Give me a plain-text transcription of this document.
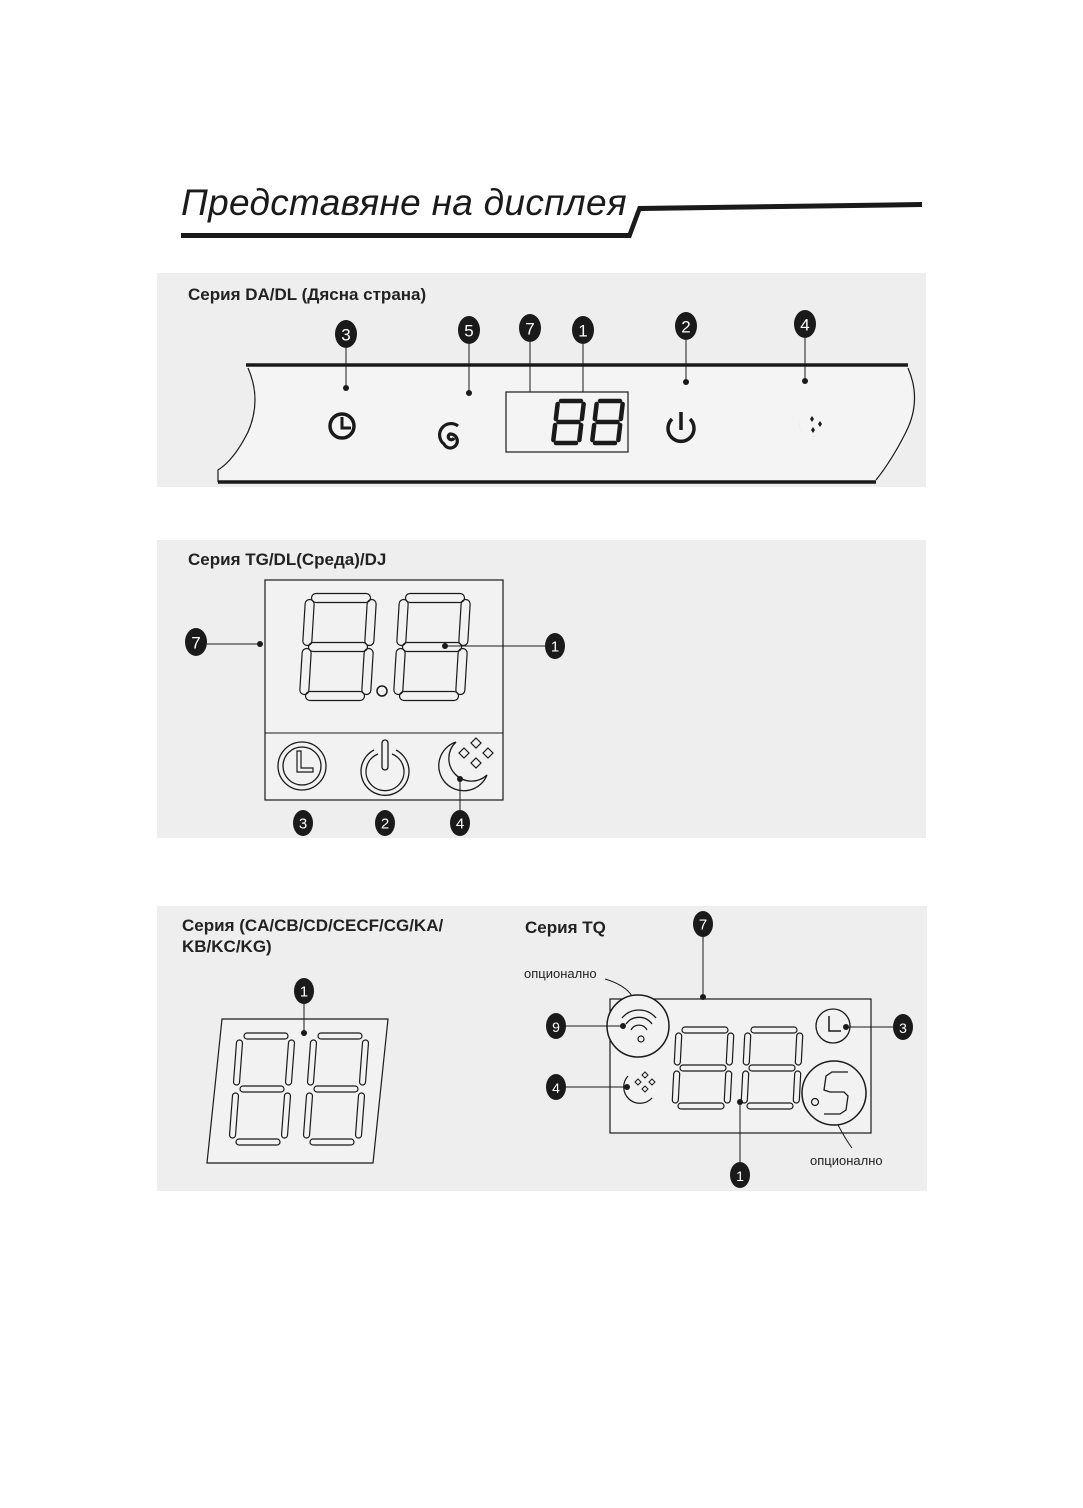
Представяне на дисплея
Серия DA/DL (Дясна страна)
3	5	7	1	2	4
Серия TG/DL(Среда)/DJ
7	1
3	2	4
Серия (CA/CB/CD/CECF/CG/KA/ KB/KC/KG)
Серия TQ
опционално
опционално
1
7
9	3
4
1
